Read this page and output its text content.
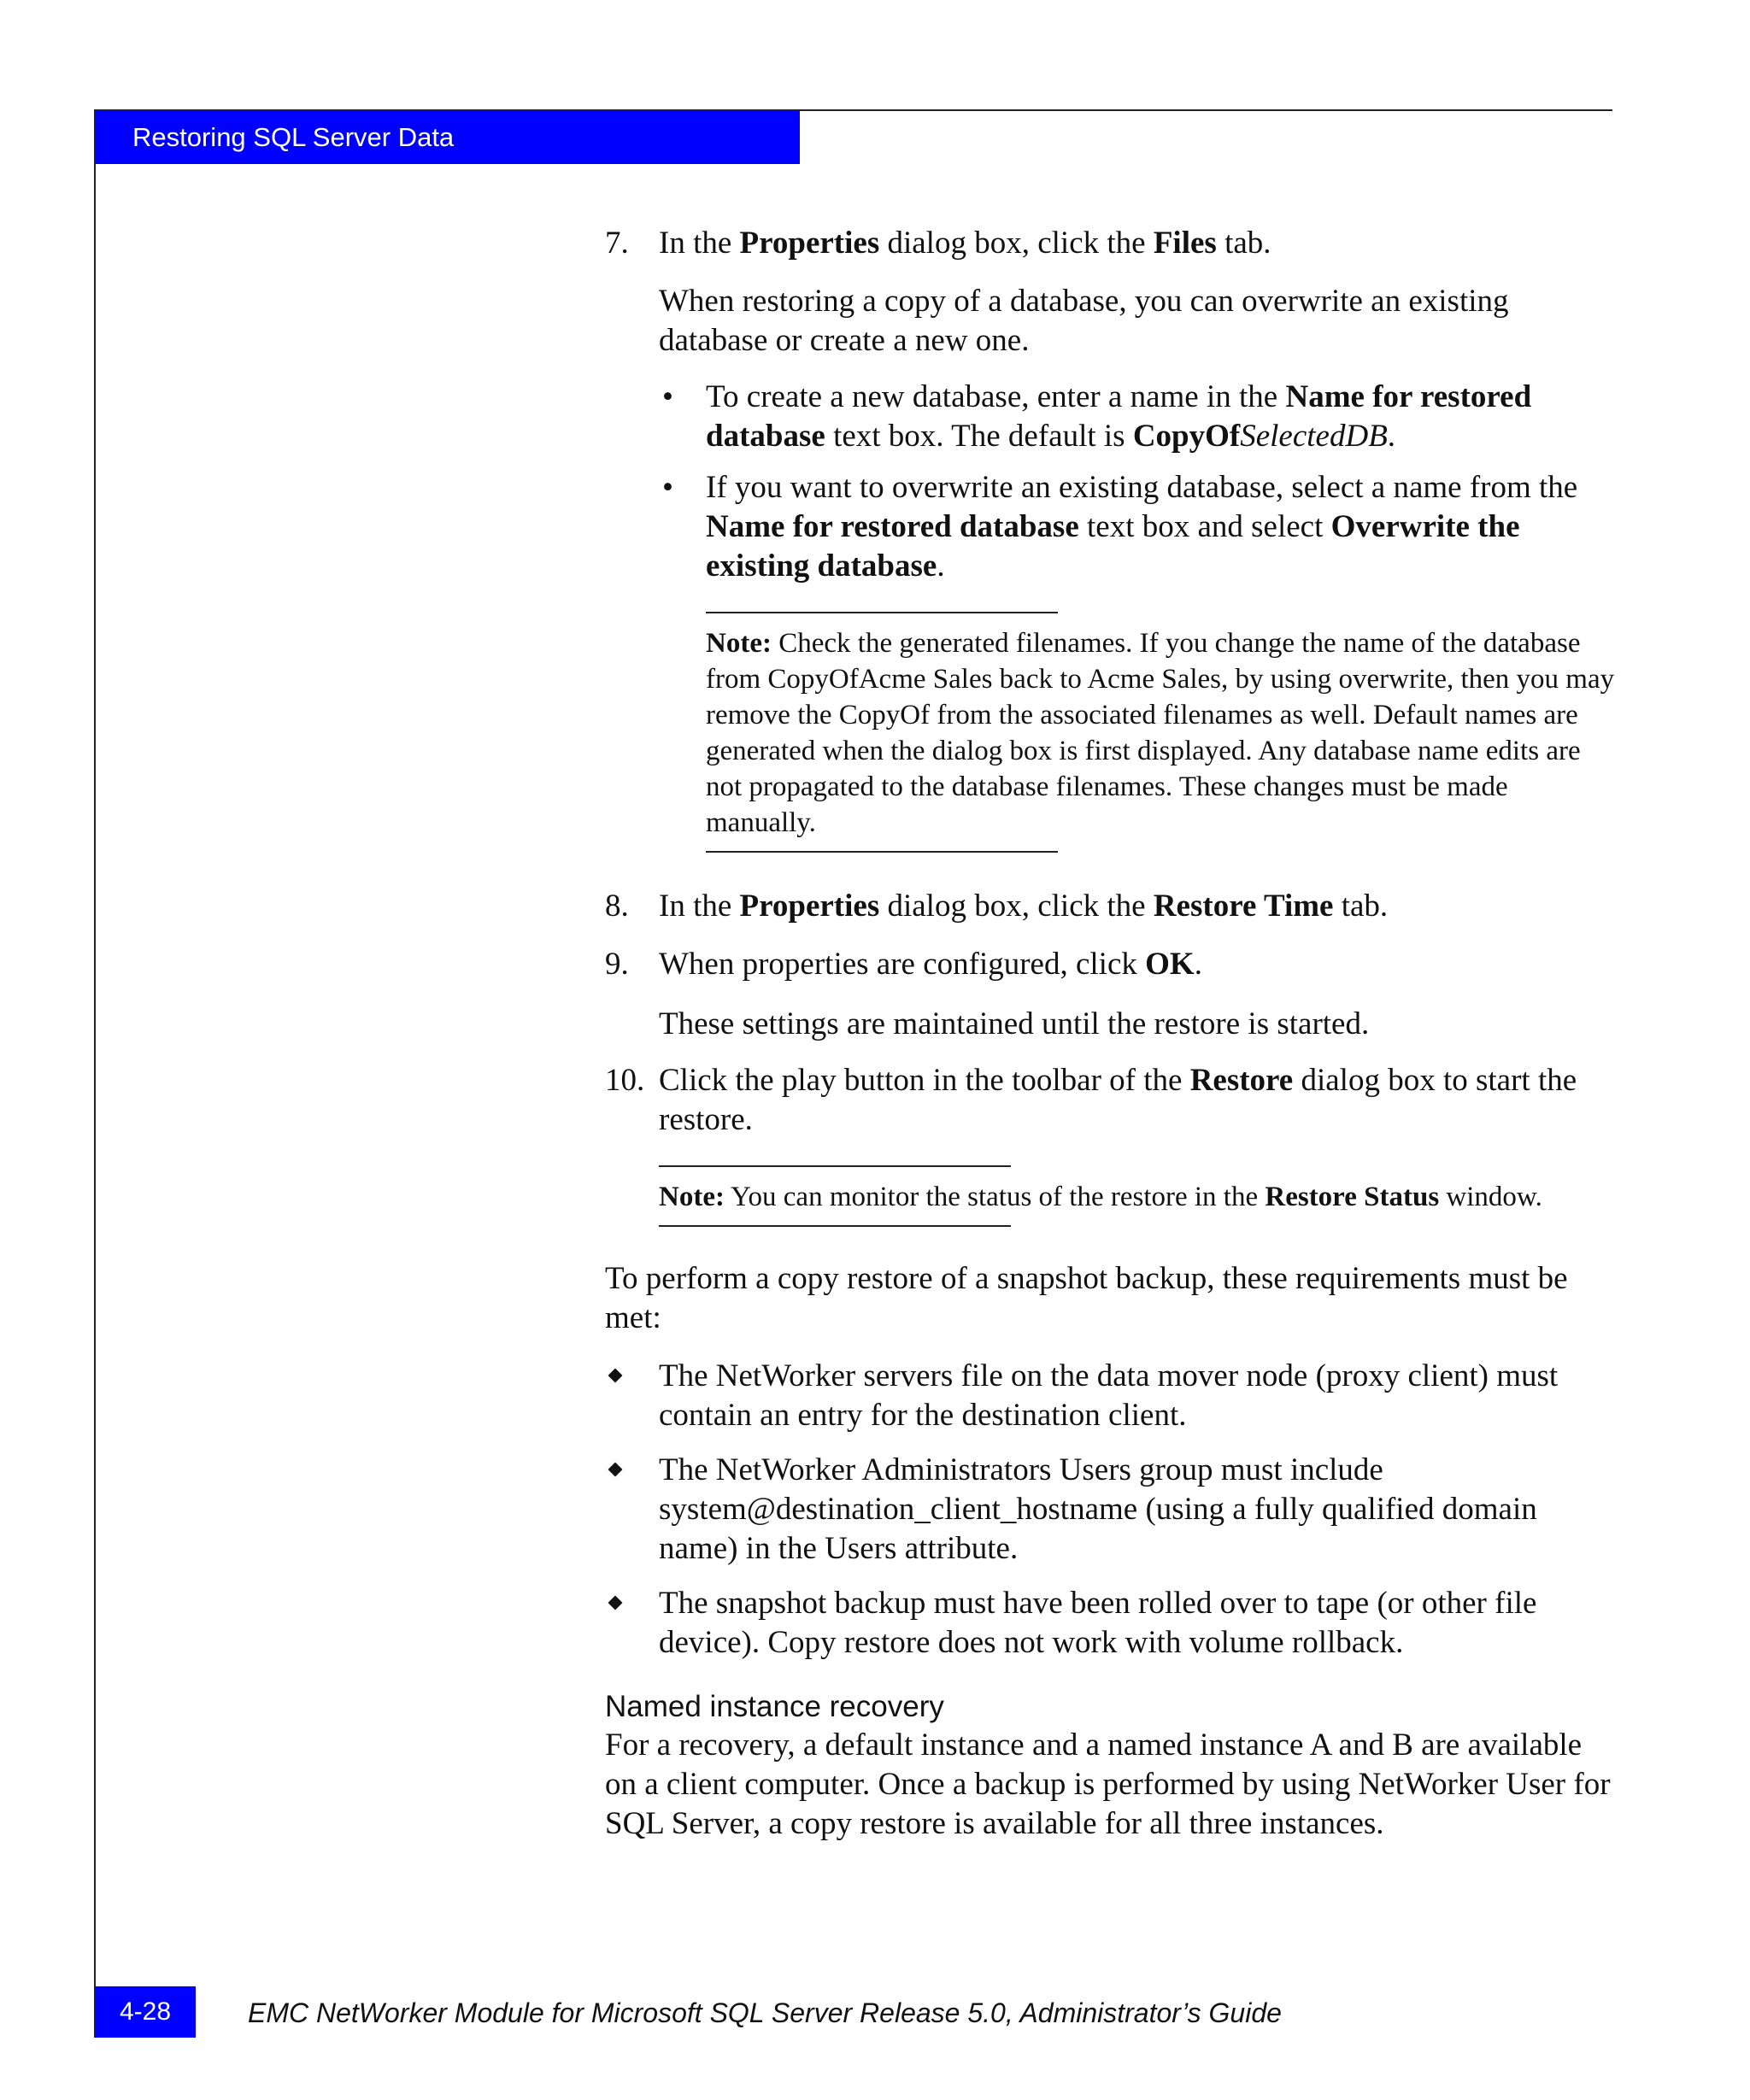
Restoring SQL Server Data

7. In the Properties dialog box, click the Files tab.

When restoring a copy of a database, you can overwrite an existing database or create a new one.

• To create a new database, enter a name in the Name for restored database text box. The default is CopyOfSelectedDB.

• If you want to overwrite an existing database, select a name from the Name for restored database text box and select Overwrite the existing database.

Note: Check the generated filenames. If you change the name of the database from CopyOfAcme Sales back to Acme Sales, by using overwrite, then you may remove the CopyOf from the associated filenames as well. Default names are generated when the dialog box is first displayed. Any database name edits are not propagated to the database filenames. These changes must be made manually.

8. In the Properties dialog box, click the Restore Time tab.

9. When properties are configured, click OK.

These settings are maintained until the restore is started.

10. Click the play button in the toolbar of the Restore dialog box to start the restore.

Note: You can monitor the status of the restore in the Restore Status window.

To perform a copy restore of a snapshot backup, these requirements must be met:

The NetWorker servers file on the data mover node (proxy client) must contain an entry for the destination client.

The NetWorker Administrators Users group must include system@destination_client_hostname (using a fully qualified domain name) in the Users attribute.

The snapshot backup must have been rolled over to tape (or other file device). Copy restore does not work with volume rollback.

Named instance recovery

For a recovery, a default instance and a named instance A and B are available on a client computer. Once a backup is performed by using NetWorker User for SQL Server, a copy restore is available for all three instances.

4-28	EMC NetWorker Module for Microsoft SQL Server Release 5.0, Administrator’s Guide
